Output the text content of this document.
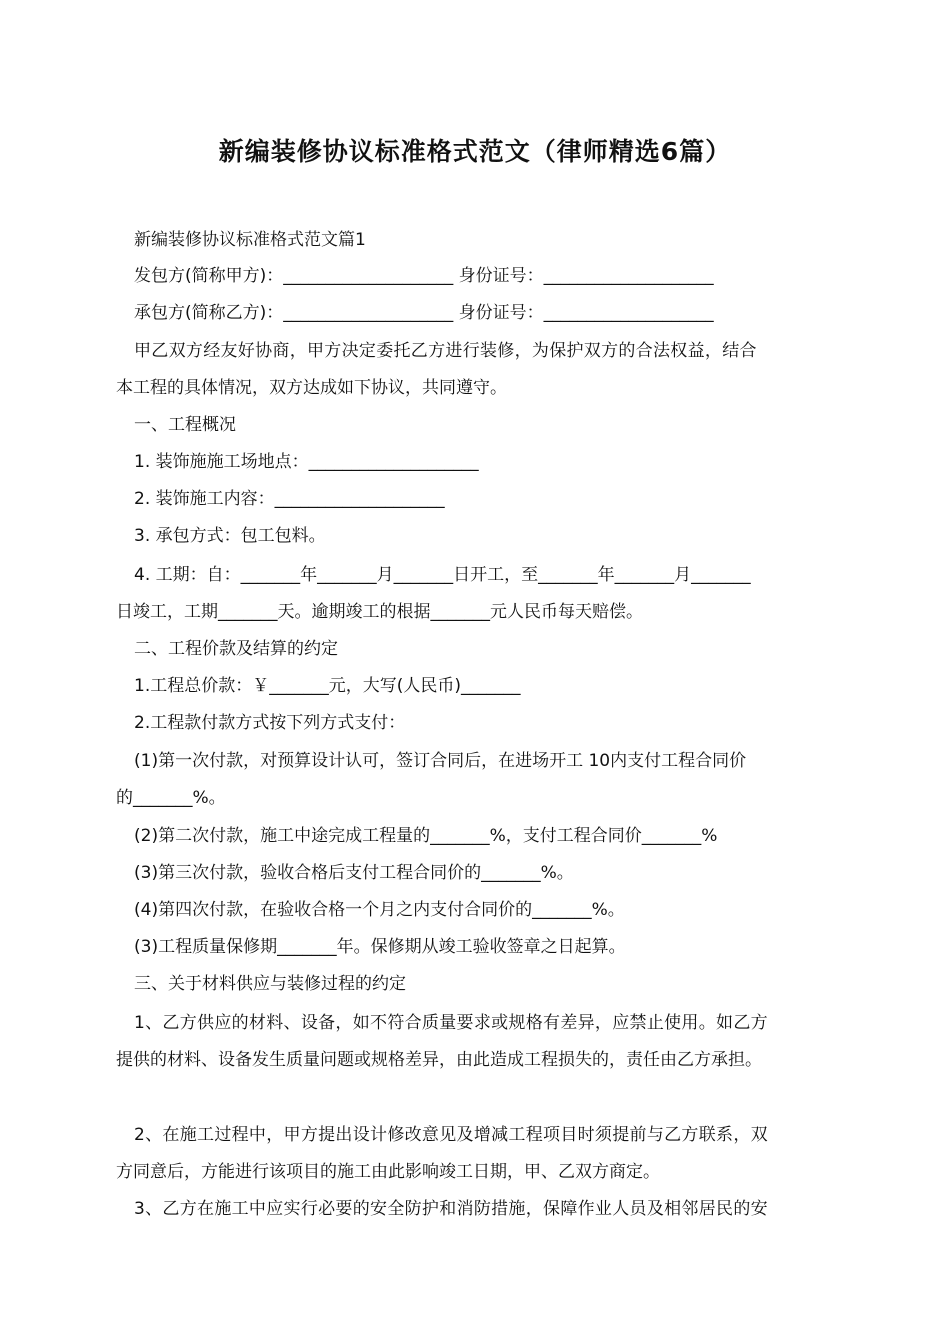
新编装修协议标准格式范文（律师精选6篇）
新编装修协议标准格式范文篇1
发包方(简称甲方)：____________________ 身份证号：____________________
承包方(简称乙方)：____________________ 身份证号：____________________
甲乙双方经友好协商，甲方决定委托乙方进行装修，为保护双方的合法权益，结合
本工程的具体情况，双方达成如下协议，共同遵守。
一、工程概况
1. 装饰施施工场地点：____________________
2. 装饰施工内容：____________________
3. 承包方式：包工包料。
4. 工期：自：_______年_______月_______日开工，至_______年_______月_______
日竣工，工期_______天。逾期竣工的根据_______元人民币每天赔偿。
二、工程价款及结算的约定
1.工程总价款：￥_______元，大写(人民币)_______
2.工程款付款方式按下列方式支付：
(1)第一次付款，对预算设计认可，签订合同后，在进场开工 10内支付工程合同价
的_______%。
(2)第二次付款，施工中途完成工程量的_______%，支付工程合同价_______%
(3)第三次付款，验收合格后支付工程合同价的_______%。
(4)第四次付款，在验收合格一个月之内支付合同价的_______%。
(3)工程质量保修期_______年。保修期从竣工验收签章之日起算。
三、关于材料供应与装修过程的约定
1、乙方供应的材料、设备，如不符合质量要求或规格有差异，应禁止使用。如乙方
提供的材料、设备发生质量问题或规格差异，由此造成工程损失的，责任由乙方承担。
2、在施工过程中，甲方提出设计修改意见及增减工程项目时须提前与乙方联系，双
方同意后，方能进行该项目的施工由此影响竣工日期，甲、乙双方商定。
3、乙方在施工中应实行必要的安全防护和消防措施，保障作业人员及相邻居民的安
